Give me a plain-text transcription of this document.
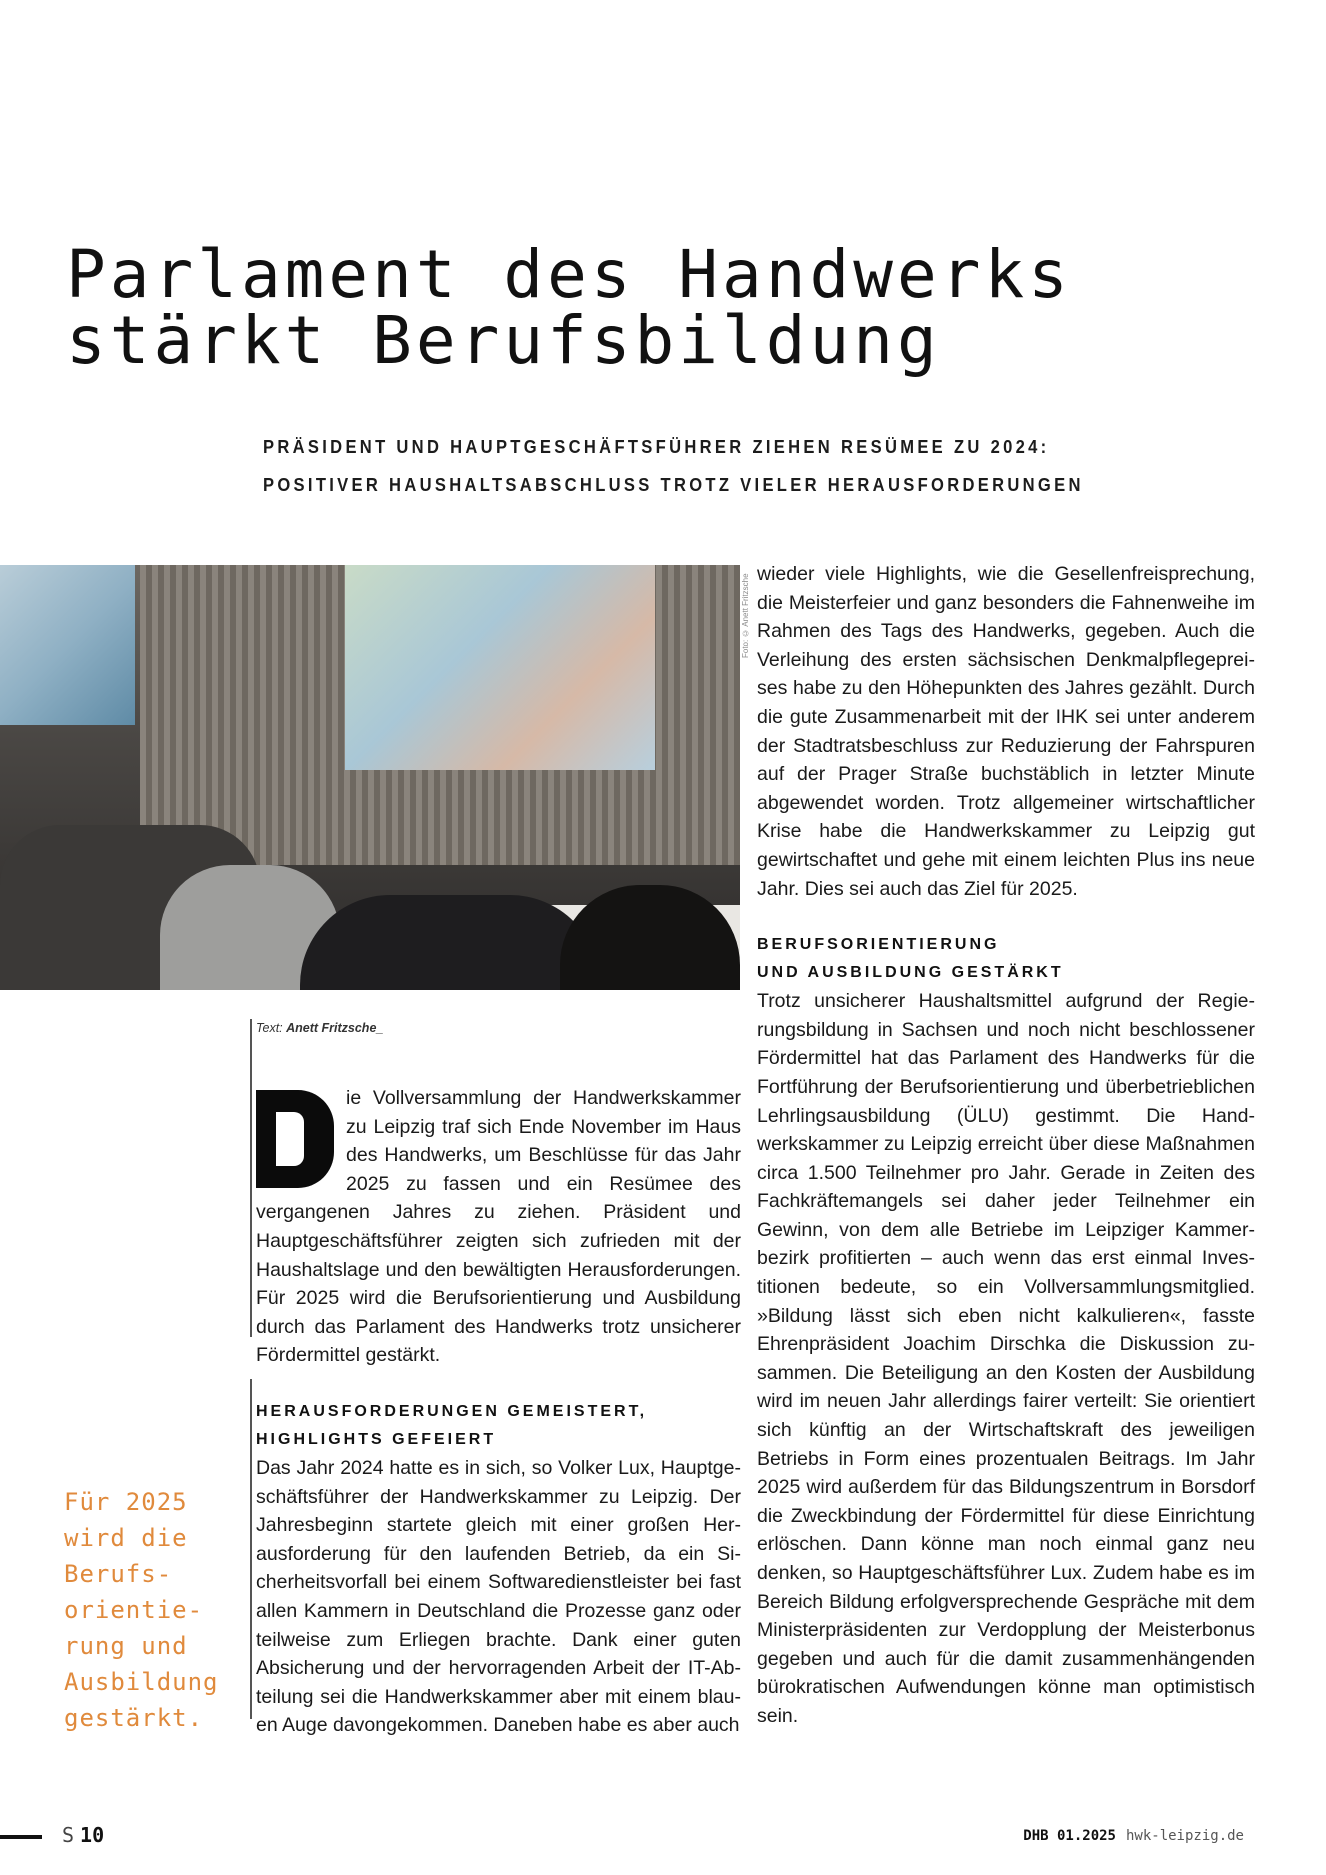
Parlament des Handwerks
stärkt Berufsbildung
PRÄSIDENT UND HAUPTGESCHÄFTSFÜHRER ZIEHEN RESÜMEE ZU 2024:
POSITIVER HAUSHALTSABSCHLUSS TROTZ VIELER HERAUSFORDERUNGEN
Foto: © Anett Fritzsche wieder viele Highlights, wie die Gesellenfreisprechung, die Meisterfeier und ganz besonders die Fahnenweihe im Rahmen des Tags des Handwerks, gegeben. Auch die Verleihung des ersten sächsischen Denkmalpflegepreises habe zu den Höhepunkten des Jahres gezählt. Durch die gute Zusammenarbeit mit der IHK sei unter anderem der Stadtratsbeschluss zur Reduzierung der Fahrspuren auf der Prager Straße buchstäblich in letzter Minute abgewendet worden. Trotz allgemeiner wirtschaftlicher Krise habe die Handwerkskammer zu Leipzig gut gewirtschaftet und gehe mit einem leichten Plus ins neue Jahr. Dies sei auch das Ziel für 2025.

BERUFSORIENTIERUNG
UND AUSBILDUNG GESTÄRKT

Trotz unsicherer Haushaltsmittel aufgrund der Regierungsbildung in Sachsen und noch nicht beschlossener Fördermittel hat das Parlament des Handwerks für die Fortführung der Berufsorientierung und überbetrieblichen Lehrlingsausbildung (ÜLU) gestimmt. Die Handwerkskammer zu Leipzig erreicht über diese Maßnahmen circa 1.500 Teilnehmer pro Jahr. Gerade in Zeiten des Fachkräftemangels sei daher jeder Teilnehmer ein Gewinn, von dem alle Betriebe im Leipziger Kammerbezirk profitierten – auch wenn das erst einmal Investitionen bedeute, so ein Vollversammlungsmitglied. »Bildung lässt sich eben nicht kalkulieren«, fasste Ehrenpräsident Joachim Dirschka die Diskussion zusammen. Die Beteiligung an den Kosten der Ausbildung wird im neuen Jahr allerdings fairer verteilt: Sie orientiert sich künftig an der Wirtschaftskraft des jeweiligen Betriebs in Form eines prozentualen Beitrags. Im Jahr 2025 wird außerdem für das Bildungszentrum in Borsdorf die Zweckbindung der Fördermittel für diese Einrichtung erlöschen. Dann könne man noch einmal ganz neu denken, so Hauptgeschäftsführer Lux. Zudem habe es im Bereich Bildung erfolgversprechende Gespräche mit dem Ministerpräsidenten zur Verdopplung der Meisterbonus gegeben und auch für die damit zusammenhängenden bürokratischen Aufwendungen könne man optimistisch sein.

Text: Anett Fritzsche_

ie Vollversammlung der Handwerkskammer zu Leipzig traf sich Ende November im Haus des Handwerks, um Beschlüsse für das Jahr 2025 zu fassen und ein Resümee des vergangenen Jahres zu ziehen. Präsident und Hauptgeschäftsführer zeigten sich zufrieden mit der Haushaltslage und den bewältigten Herausforderungen. Für 2025 wird die Berufsorientierung und Ausbildung durch das Parlament des Handwerks trotz unsicherer Fördermittel gestärkt.

HERAUSFORDERUNGEN GEMEISTERT,
HIGHLIGHTS GEFEIERT

Das Jahr 2024 hatte es in sich, so Volker Lux, Hauptgeschäftsführer der Handwerkskammer zu Leipzig. Der Jahresbeginn startete gleich mit einer großen Herausforderung für den laufenden Betrieb, da ein Sicherheitsvorfall bei einem Softwaredienstleister bei fast allen Kammern in Deutschland die Prozesse ganz oder teilweise zum Erliegen brachte. Dank einer guten Absicherung und der hervorragenden Arbeit der IT-Abteilung sei die Handwerkskammer aber mit einem blauen Auge davongekommen. Daneben habe es aber auch

Für 2025
wird die
Berufs-
orientie-
rung und
Ausbildung
gestärkt.
S 10	DHB 01.2025 hwk-leipzig.de
